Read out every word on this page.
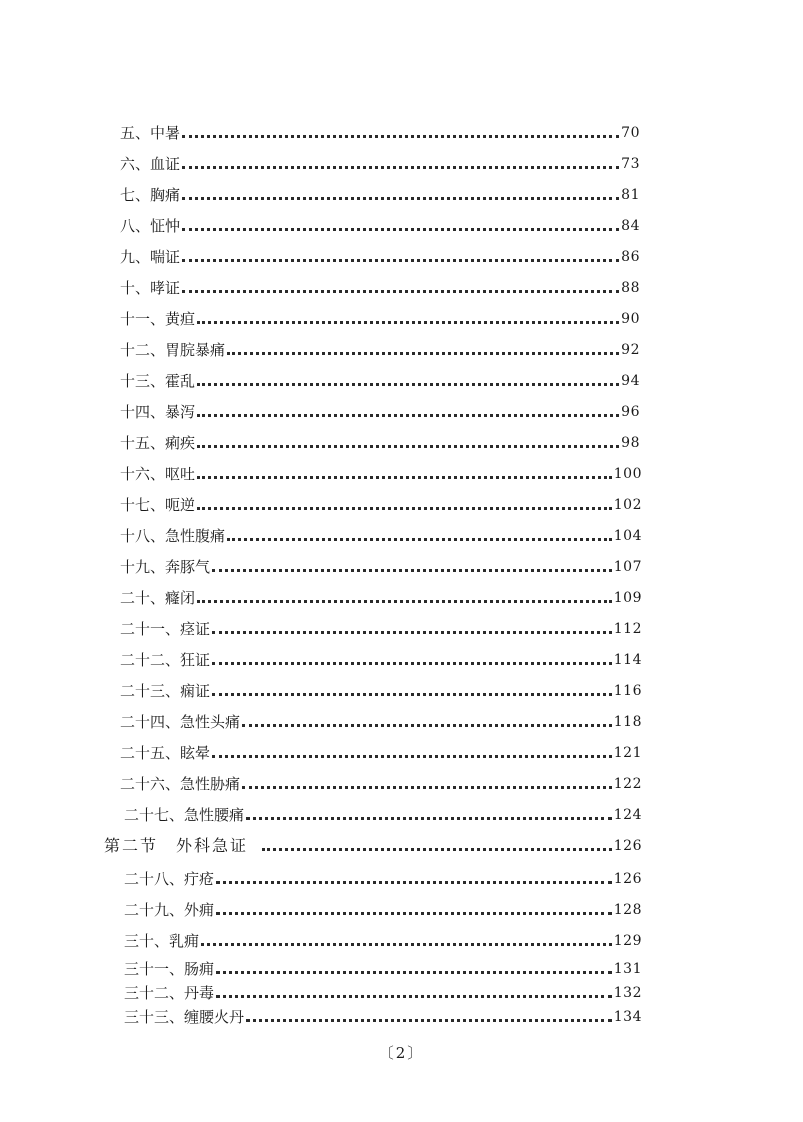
五、中暑	70
六、血证	73
七、胸痛	81
八、怔忡	84
九、喘证	86
十、哮证	88
十一、黄疸	90
十二、胃脘暴痛	92
十三、霍乱	94
十四、暴泻	96
十五、痢疾	98
十六、呕吐	100
十七、呃逆	102
十八、急性腹痛	104
十九、奔豚气	107
二十、癃闭	109
二十一、痉证	112
二十二、狂证	114
二十三、痫证	116
二十四、急性头痛	118
二十五、眩晕	121
二十六、急性胁痛	122
二十七、急性腰痛	124
第二节　外科急证	126
二十八、疔疮	126
二十九、外痈	128
三十、乳痈	129
三十一、肠痈	131
三十二、丹毒	132
三十三、缠腰火丹	134
〔2〕
